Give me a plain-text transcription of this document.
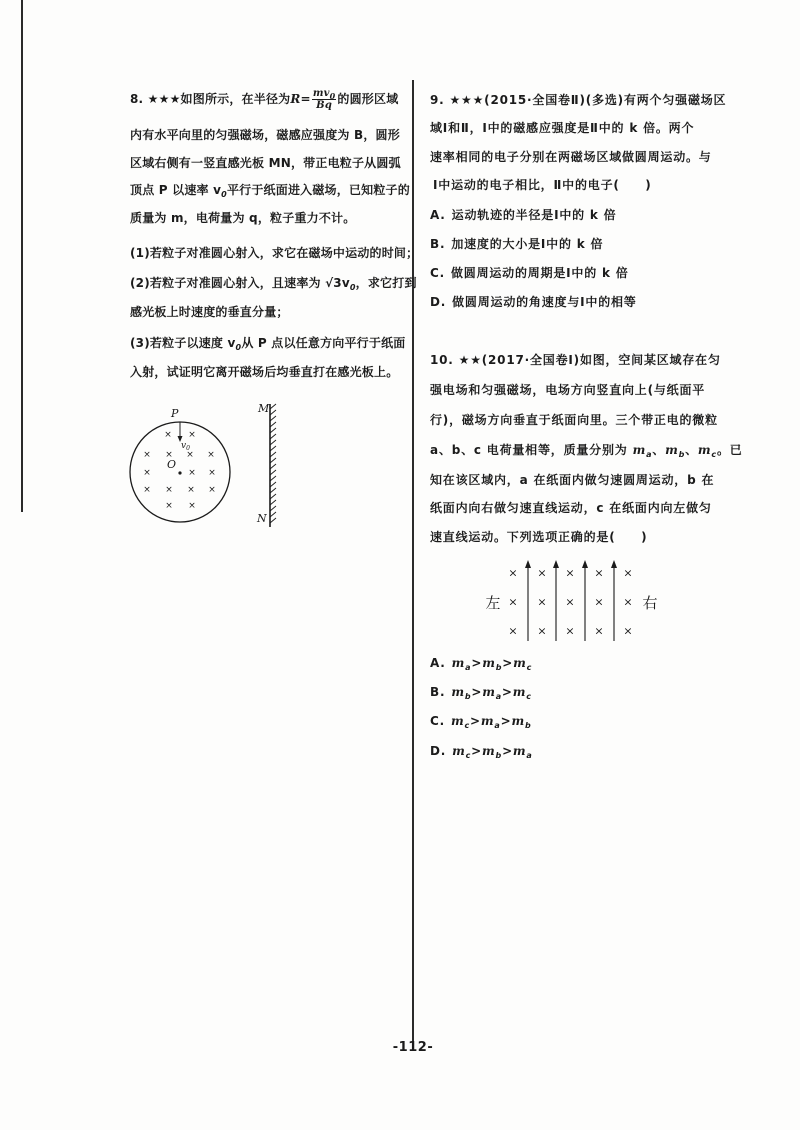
8. ★★★如图所示，在半径为$R= \frac{mv_0}{Bq}$ 的圆形区域
内有水平向里的匀强磁场，磁感应强度为 B，圆形
区域右侧有一竖直感光板 MN，带正电粒子从圆弧
顶点 P 以速率 $v_0$平行于纸面进入磁场，已知粒子的
质量为 m，电荷量为 q，粒子重力不计。
(1)若粒子对准圆心射入，求它在磁场中运动的时间；
(2)若粒子对准圆心射入，且速率为 $√3v_0$，求它打到
感光板上时速度的垂直分量；
(3)若粒子以速度 $v_0$从 P 点以任意方向平行于纸面
入射，试证明它离开磁场后均垂直打在感光板上。
P
$v_0$
O
M
N
× ×
× × × ×
×	× ×
× × × ×
× ×
9. ★★★(2015·全国卷Ⅱ)(多选)有两个匀强磁场区
域Ⅰ和Ⅱ，Ⅰ中的磁感应强度是Ⅱ中的 k 倍。两个
速率相同的电子分别在两磁场区域做圆周运动。与
Ⅰ中运动的电子相比，Ⅱ中的电子(　　)
A. 运动轨迹的半径是Ⅰ中的 k 倍
B. 加速度的大小是Ⅰ中的 k 倍
C. 做圆周运动的周期是Ⅰ中的 k 倍
D. 做圆周运动的角速度与Ⅰ中的相等
10. ★★(2017·全国卷Ⅰ)如图，空间某区域存在匀
强电场和匀强磁场，电场方向竖直向上(与纸面平
行)，磁场方向垂直于纸面向里。三个带正电的微粒
a、b、c 电荷量相等，质量分别为 $m_a$、$m_b$、$m_c$。已
知在该区域内，a 在纸面内做匀速圆周运动，b 在
纸面内向右做匀速直线运动，c 在纸面内向左做匀
速直线运动。下列选项正确的是(　　)
左	右
×
×
×
×
×
×
×
×
×
×
×
×
×
×
×
A. $m_a>m_b>m_c$
B. $m_b>m_a>m_c$
C. $m_c>m_a>m_b$
D. $m_c>m_b>m_a$
-112-
